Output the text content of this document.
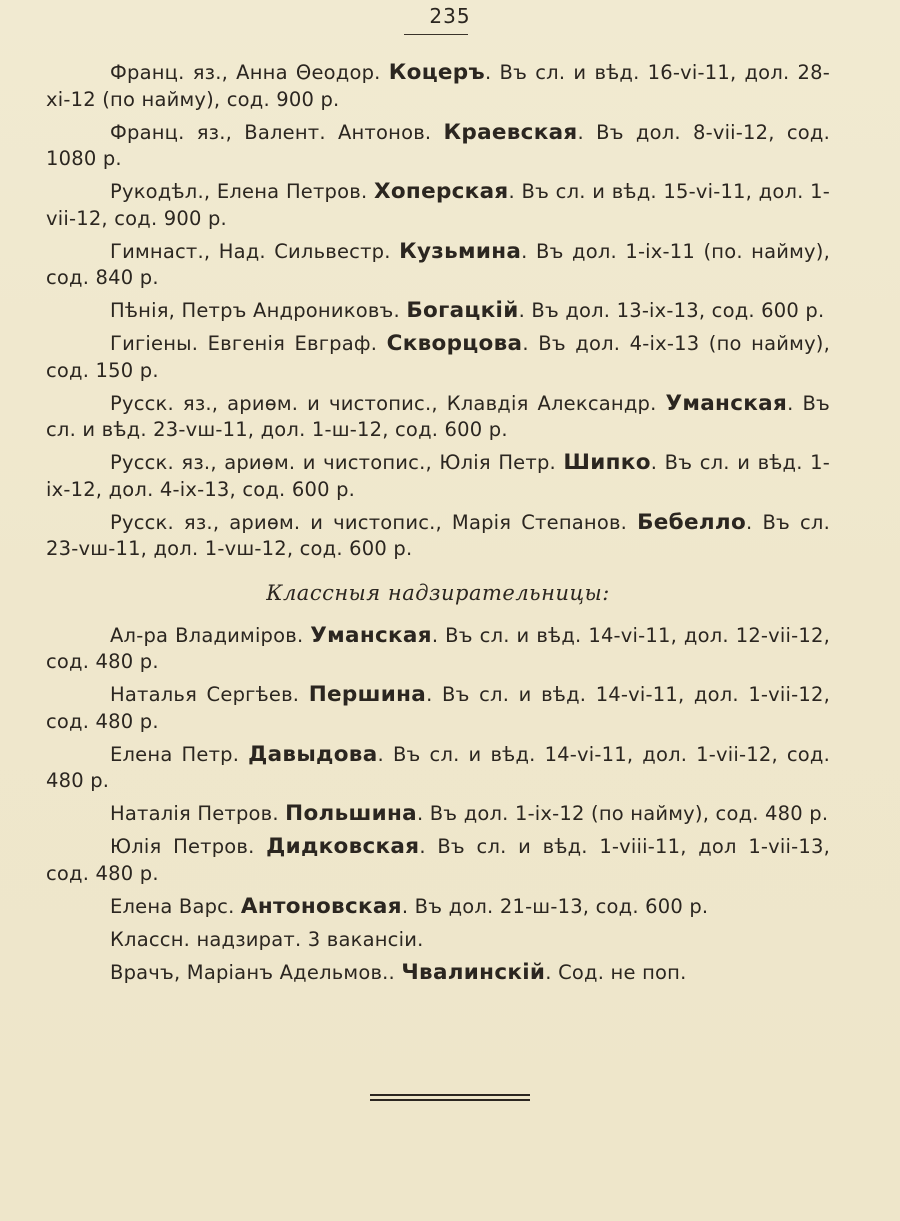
235

Франц. яз., Анна Θеодор. Коцеръ. Въ сл. и вѣд. 16-vi-11, дол. 28-xi-12 (по найму), сод. 900 р.

Франц. яз., Валент. Антонов. Краевская. Въ дол. 8-vii-12, сод. 1080 р.

Рукодѣл., Елена Петров. Хоперская. Въ сл. и вѣд. 15-vi-11, дол. 1-vii-12, сод. 900 р.

Гимнаст., Над. Сильвестр. Кузьмина. Въ дол. 1-ix-11 (по. найму), сод. 840 р.

Пѣнія, Петръ Андрониковъ. Богацкій. Въ дол. 13-ix-13, сод. 600 р.

Гигіены. Евгенія Евграф. Скворцова. Въ дол. 4-ix-13 (по найму), сод. 150 р.

Русск. яз., ариѳм. и чистопис., Клавдія Александр. Уманская. Въ сл. и вѣд. 23-vш-11, дол. 1-ш-12, сод. 600 р.

Русск. яз., ариѳм. и чистопис., Юлія Петр. Шипко. Въ сл. и вѣд. 1-ix-12, дол. 4-ix-13, сод. 600 р.

Русск. яз., ариѳм. и чистопис., Марія Степанов. Бебелло. Въ сл. 23-vш-11, дол. 1-vш-12, сод. 600 р.

Классныя надзирательницы:

Ал-ра Владиміров. Уманская. Въ сл. и вѣд. 14-vi-11, дол. 12-vii-12, сод. 480 р.

Наталья Сергѣев. Першина. Въ сл. и вѣд. 14-vi-11, дол. 1-vii-12, сод. 480 р.

Елена Петр. Давыдова. Въ сл. и вѣд. 14-vi-11, дол. 1-vii-12, сод. 480 р.

Наталія Петров. Польшина. Въ дол. 1-ix-12 (по найму), сод. 480 р.

Юлія Петров. Дидковская. Въ сл. и вѣд. 1-viii-11, дол 1-vii-13, сод. 480 р.

Елена Варс. Антоновская. Въ дол. 21-ш-13, сод. 600 р.

Классн. надзират. 3 вакансіи.

Врачъ, Маріанъ Адельмов.. Чвалинскій. Сод. не поп.
